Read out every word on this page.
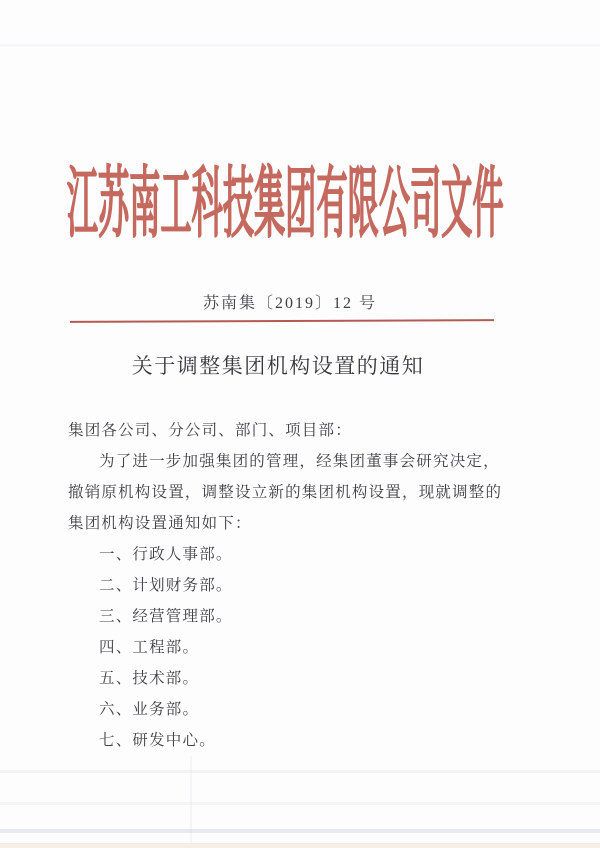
江苏南工科技集团有限公司文件
苏南集〔2019〕12 号
关于调整集团机构设置的通知
集团各公司、分公司、部门、项目部：
为了进一步加强集团的管理，经集团董事会研究决定，
撤销原机构设置，调整设立新的集团机构设置，现就调整的
集团机构设置通知如下：
一、行政人事部。
二、计划财务部。
三、经营管理部。
四、工程部。
五、技术部。
六、业务部。
七、研发中心。
